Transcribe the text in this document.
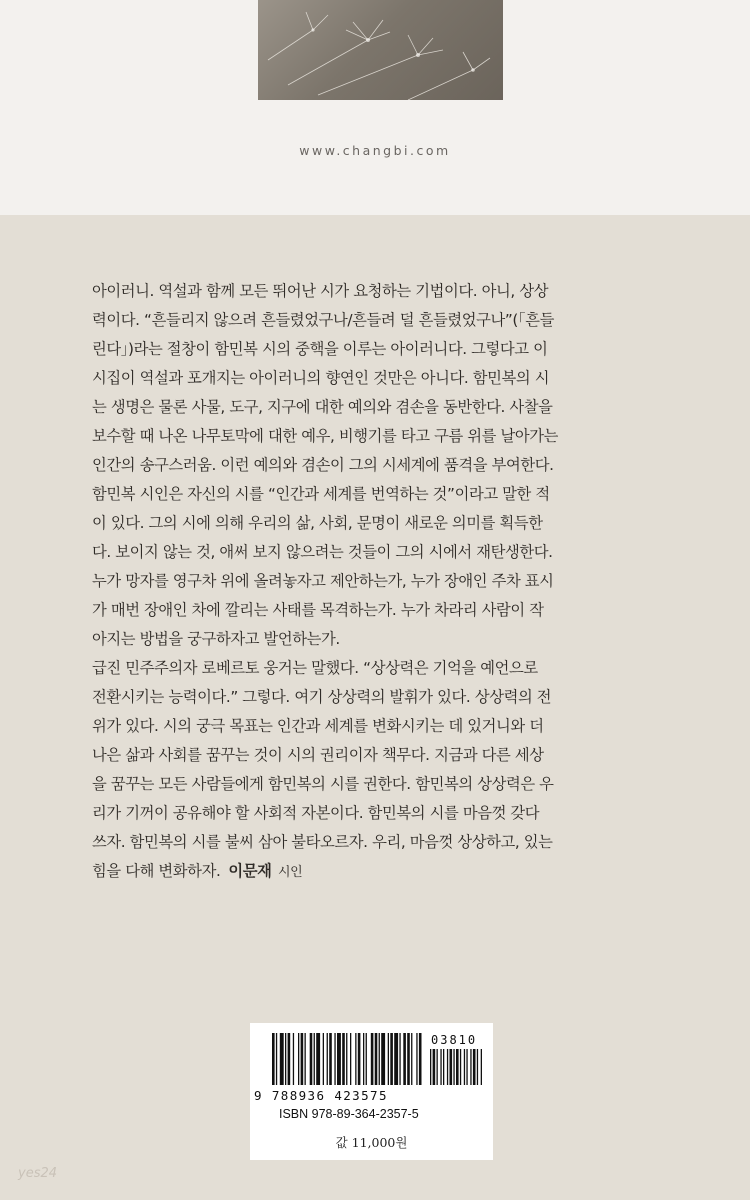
www.changbi.com

아이러니. 역설과 함께 모든 뛰어난 시가 요청하는 기법이다. 아니, 상상
력이다. “흔들리지 않으려 흔들렸었구나/흔들려 덜 흔들렸었구나”(「흔들
린다」)라는 절창이 함민복 시의 중핵을 이루는 아이러니다. 그렇다고 이
시집이 역설과 포개지는 아이러니의 향연인 것만은 아니다. 함민복의 시
는 생명은 물론 사물, 도구, 지구에 대한 예의와 겸손을 동반한다. 사찰을
보수할 때 나온 나무토막에 대한 예우, 비행기를 타고 구름 위를 날아가는
인간의 송구스러움. 이런 예의와 겸손이 그의 시세계에 품격을 부여한다.

함민복 시인은 자신의 시를 “인간과 세계를 번역하는 것”이라고 말한 적
이 있다. 그의 시에 의해 우리의 삶, 사회, 문명이 새로운 의미를 획득한
다. 보이지 않는 것, 애써 보지 않으려는 것들이 그의 시에서 재탄생한다.
누가 망자를 영구차 위에 올려놓자고 제안하는가, 누가 장애인 주차 표시
가 매번 장애인 차에 깔리는 사태를 목격하는가. 누가 차라리 사람이 작
아지는 방법을 궁구하자고 발언하는가.

급진 민주주의자 로베르토 웅거는 말했다. “상상력은 기억을 예언으로
전환시키는 능력이다.” 그렇다. 여기 상상력의 발휘가 있다. 상상력의 전
위가 있다. 시의 궁극 목표는 인간과 세계를 변화시키는 데 있거니와 더
나은 삶과 사회를 꿈꾸는 것이 시의 권리이자 책무다. 지금과 다른 세상
을 꿈꾸는 모든 사람들에게 함민복의 시를 권한다. 함민복의 상상력은 우
리가 기꺼이 공유해야 할 사회적 자본이다. 함민복의 시를 마음껏 갖다
쓰자. 함민복의 시를 불씨 삼아 불타오르자. 우리, 마음껏 상상하고, 있는
힘을 다해 변화하자. 이문재 시인

03810
9 788936 423575
ISBN 978-89-364-2357-5
값 11,000원
yes24
